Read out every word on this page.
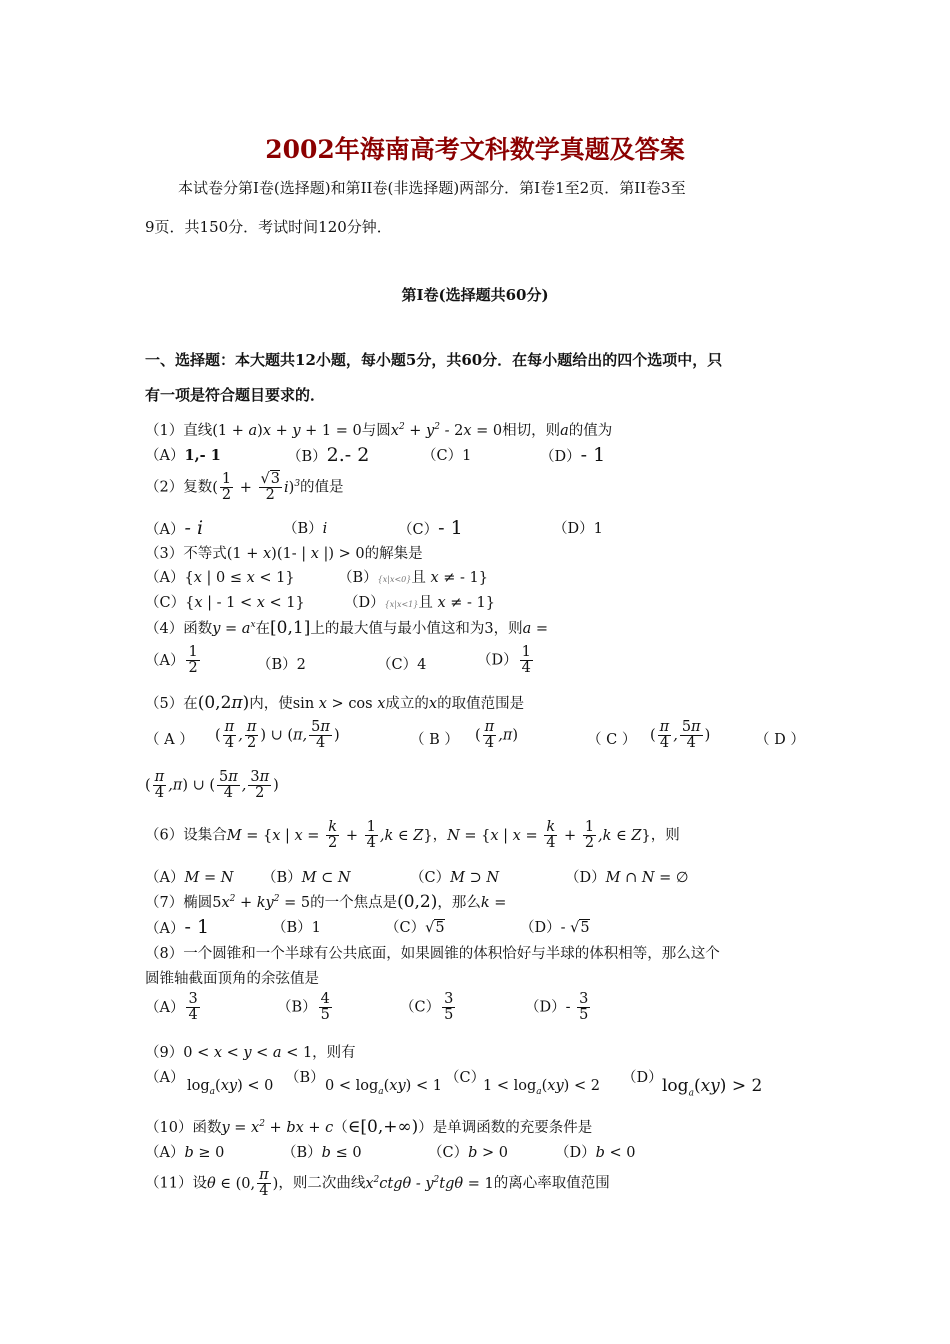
2002年海南高考文科数学真题及答案
本试卷分第Ⅰ卷(选择题)和第II卷(非选择题)两部分．第Ⅰ卷1至2页．第II卷3至
9页．共150分．考试时间120分钟．
第Ⅰ卷(选择题共60分)
一、选择题：本大题共12小题，每小题5分，共60分．在每小题给出的四个选项中，只
有一项是符合题目要求的．
（1）直线(1 + a)x + y + 1 = 0与圆$x^2 + y^2 - 2x = 0$相切，则a的值为
（A）1,- 1	（B）2.- 2	（C）1	（D）- 1
（2）复数( $\frac{1}{2} + \frac{√3}{2} i)^3$的值是
（A）- i	（B）i	（C）- 1	（D）1
（3）不等式(1 + x)(1- | x |) > 0的解集是
（A）{x | 0 ≤ x < 1}	（B）{x|x<0}且 x ≠ - 1}
（C）{x | - 1 < x < 1}	（D）{x|x<1}且 x ≠ - 1}
（4）函数$y = a^x$在[0,1]上的最大值与最小值这和为3，则a =
$(A) \frac{1}{2}$	（B）2	（C）4	$(D) \frac{1}{4}$
（5）在(0,2π)内，使sin x > cos x成立的x的取值范围是
（ A ） ( $\frac{\pi}{4}$ , $\frac{\pi}{2}$ ) ∪ (π, $\frac{5\pi}{4}$ )	（ B ） ( $\frac{\pi}{4} ,\pi$)	（ C ） ( $\frac{\pi}{4}$ , $\frac{5\pi}{4}$ )	（ D ）
( $\frac{\pi}{4} ,\pi$) ∪ ( $\frac{5\pi}{4}$ , $\frac{3\pi}{2}$ )
（6）设集合M = {x | $x = \frac{k}{2} + \frac{1}{4} ,k$ ∈ Z}，N = {x | $x = \frac{k}{4} + \frac{1}{2} ,k$ ∈ Z}，则
（A）M = N （B）M ⊂ N	（C）M ⊃ N	（D）M ∩ N = ∅
（7）椭圆$5x^2 + ky^2 = 5$的一个焦点是(0,2)，那么k =
（A）- 1	（B）1	（C）√5	（D）- √5
（8）一个圆锥和一个半球有公共底面，如果圆锥的体积恰好与半球的体积相等，那么这个
圆锥轴截面顶角的余弦值是
$(A) \frac{3}{4}$	$(B) \frac{4}{5}$	$(C) \frac{3}{5}$	$(D)- \frac{3}{5}$
（9）0 < x < y < a < 1，则有
（A） $\log_a(xy) < 0$ （B） $0 < \log_a(xy) < 1$ （C）
$1 < \log_a(xy) < 2$ （D） $\log_a(xy) > 2$
（10）函数$y = x^2$ + bx + c（∈[0,+∞)）是单调函数的充要条件是
（A）b ≥ 0	（B）b ≤ 0	（C）b > 0	（D）b < 0
（11）设θ ∈ (0, $\frac{\pi}{4}$ )，则二次曲线$x^2ctg\theta - y^2tg\theta = 1$的离心率取值范围
